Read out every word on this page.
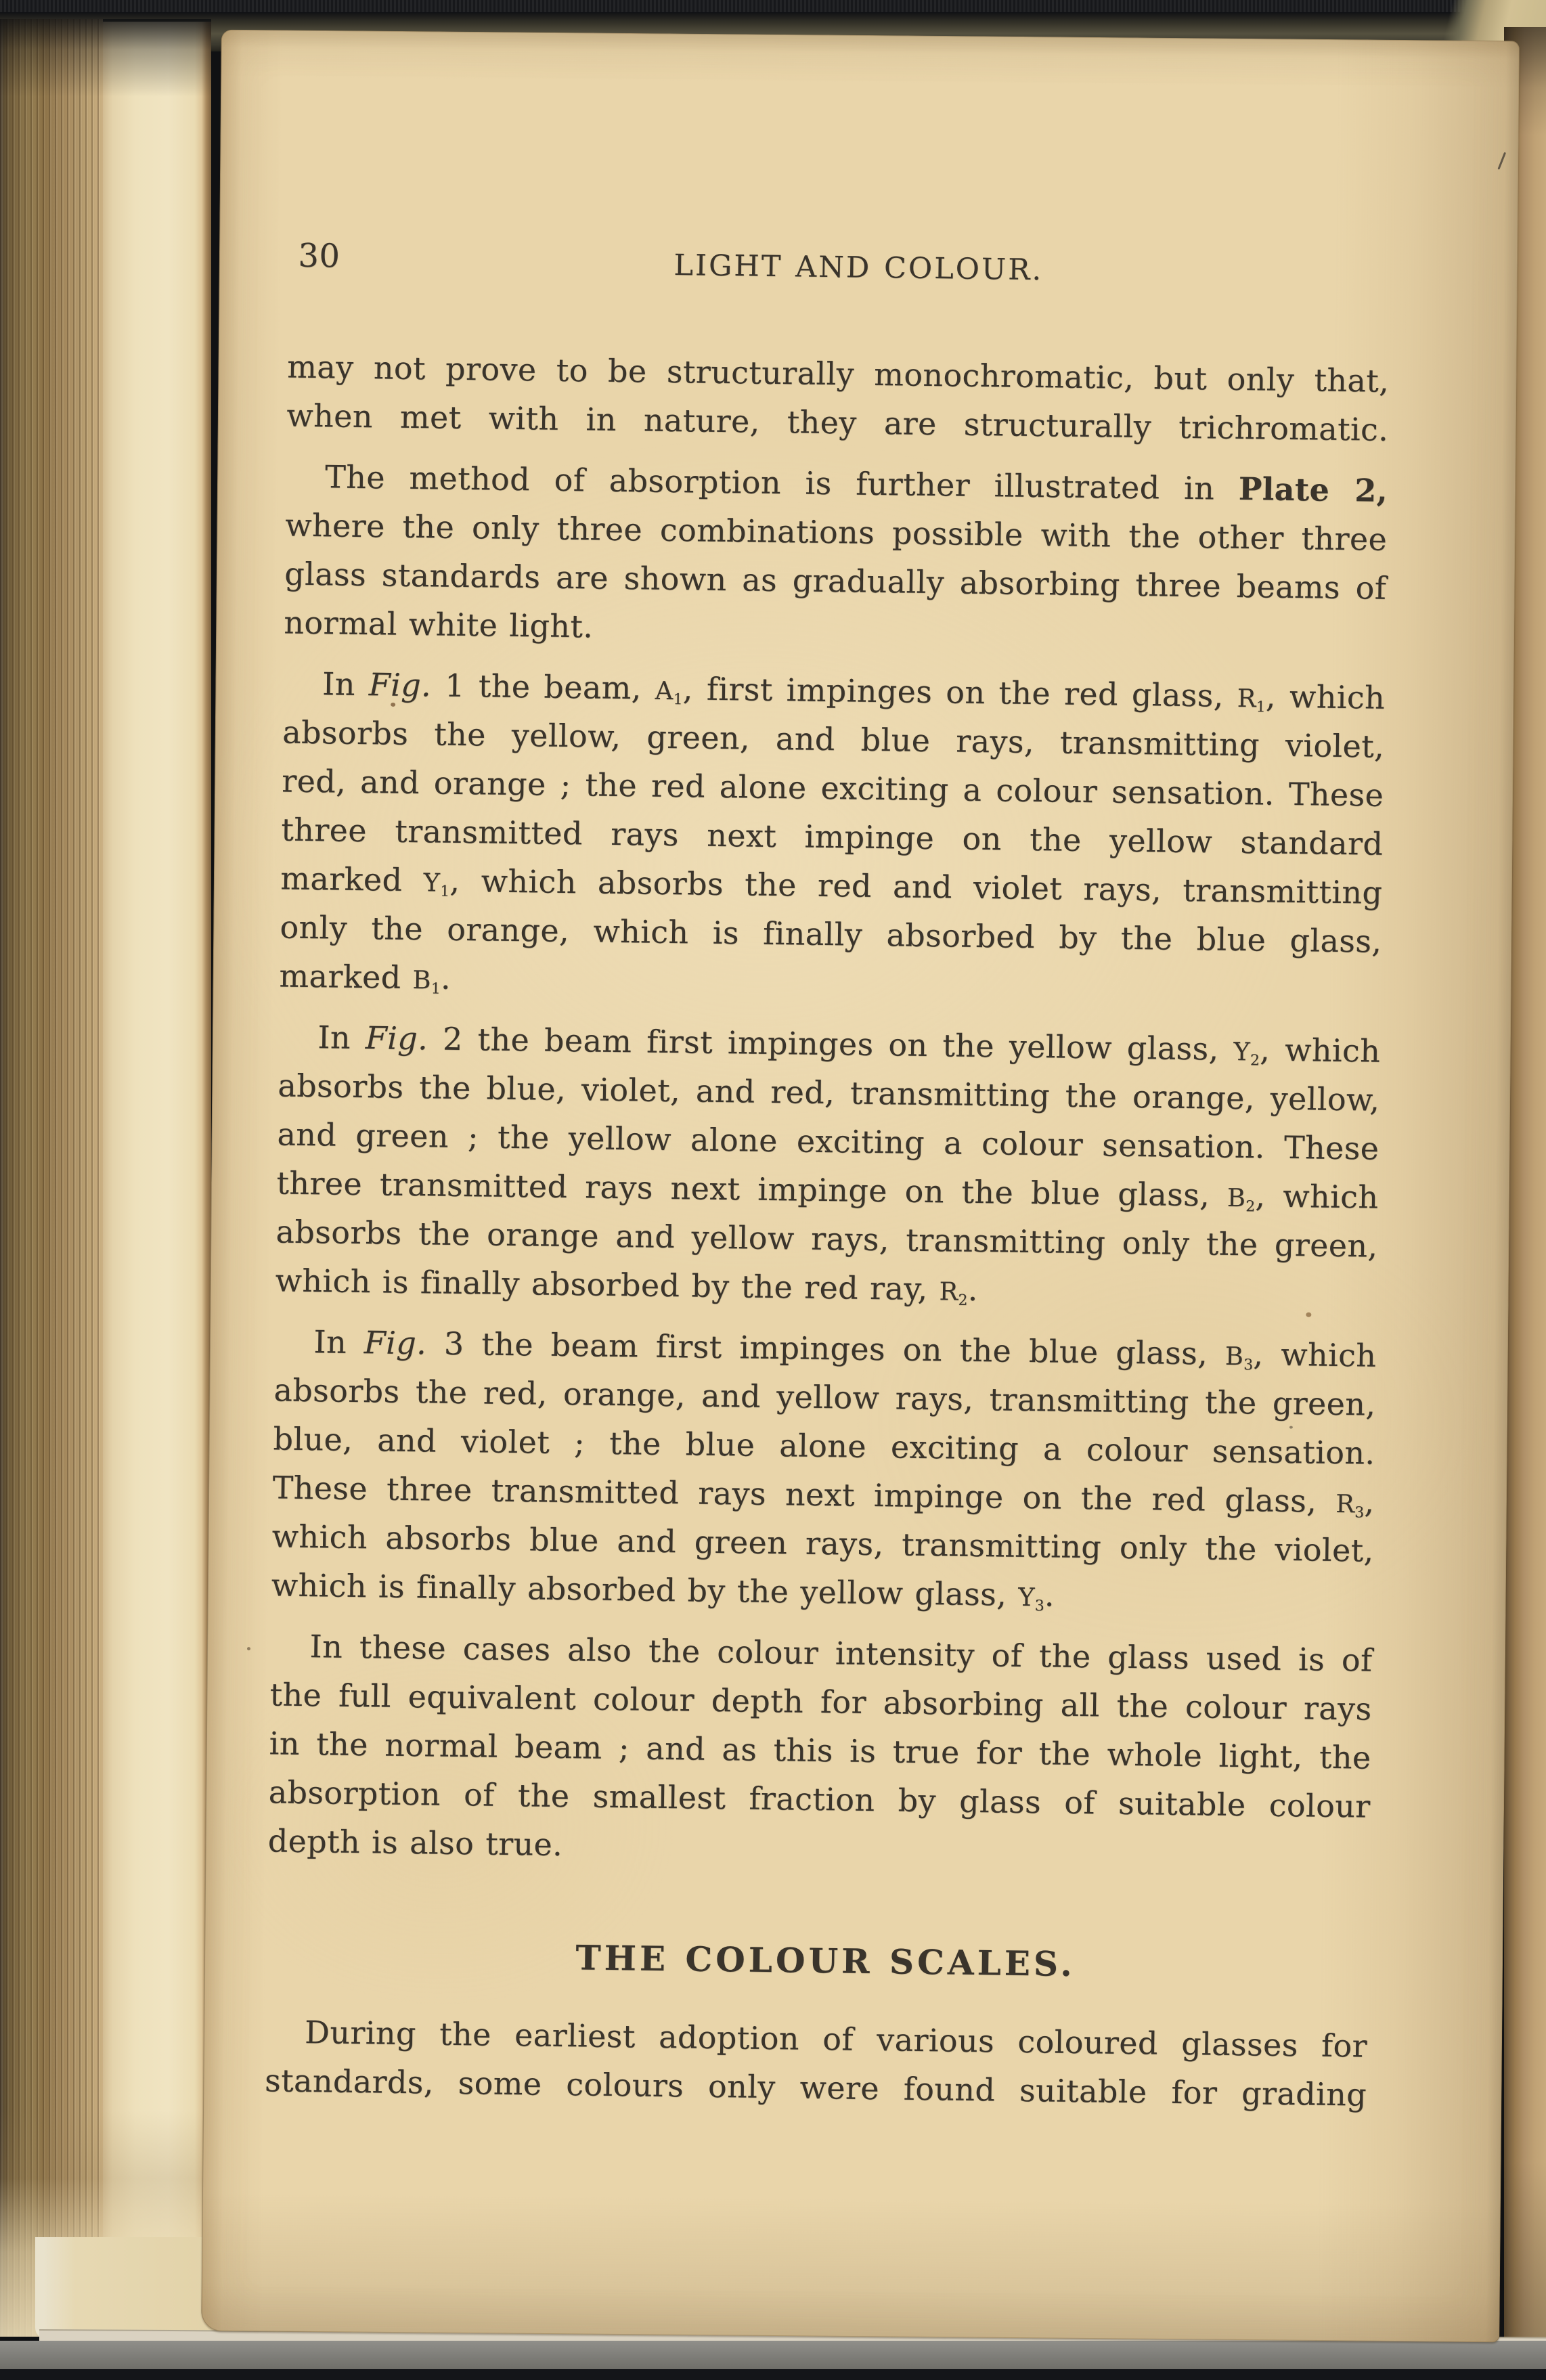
30	LIGHT AND COLOUR.
may not prove to be structurally monochromatic, but only that,
when met with in nature, they are structurally trichromatic.
The method of absorption is further illustrated in Plate 2,
where the only three combinations possible with the other three
glass standards are shown as gradually absorbing three beams of
normal white light.
In Fig. 1 the beam, $A_1$, first impinges on the red glass, $R_1$, which
absorbs the yellow, green, and blue rays, transmitting violet,
red, and orange ; the red alone exciting a colour sensation. These
three transmitted rays next impinge on the yellow standard
marked $Y_1$, which absorbs the red and violet rays, transmitting
only the orange, which is finally absorbed by the blue glass,
marked $B_1$.
In Fig. 2 the beam first impinges on the yellow glass, $Y_2$, which
absorbs the blue, violet, and red, transmitting the orange, yellow,
and green ; the yellow alone exciting a colour sensation. These
three transmitted rays next impinge on the blue glass, $B_2$, which
absorbs the orange and yellow rays, transmitting only the green,
which is finally absorbed by the red ray, $R_2$.
In Fig. 3 the beam first impinges on the blue glass, $B_3$, which
absorbs the red, orange, and yellow rays, transmitting the green,
blue, and violet ; the blue alone exciting a colour sensation.
These three transmitted rays next impinge on the red glass, $R_3$,
which absorbs blue and green rays, transmitting only the violet,
which is finally absorbed by the yellow glass, $Y_3$.
In these cases also the colour intensity of the glass used is of
the full equivalent colour depth for absorbing all the colour rays
in the normal beam ; and as this is true for the whole light, the
absorption of the smallest fraction by glass of suitable colour
depth is also true.
THE COLOUR SCALES.
During the earliest adoption of various coloured glasses for
standards, some colours only were found suitable for grading
